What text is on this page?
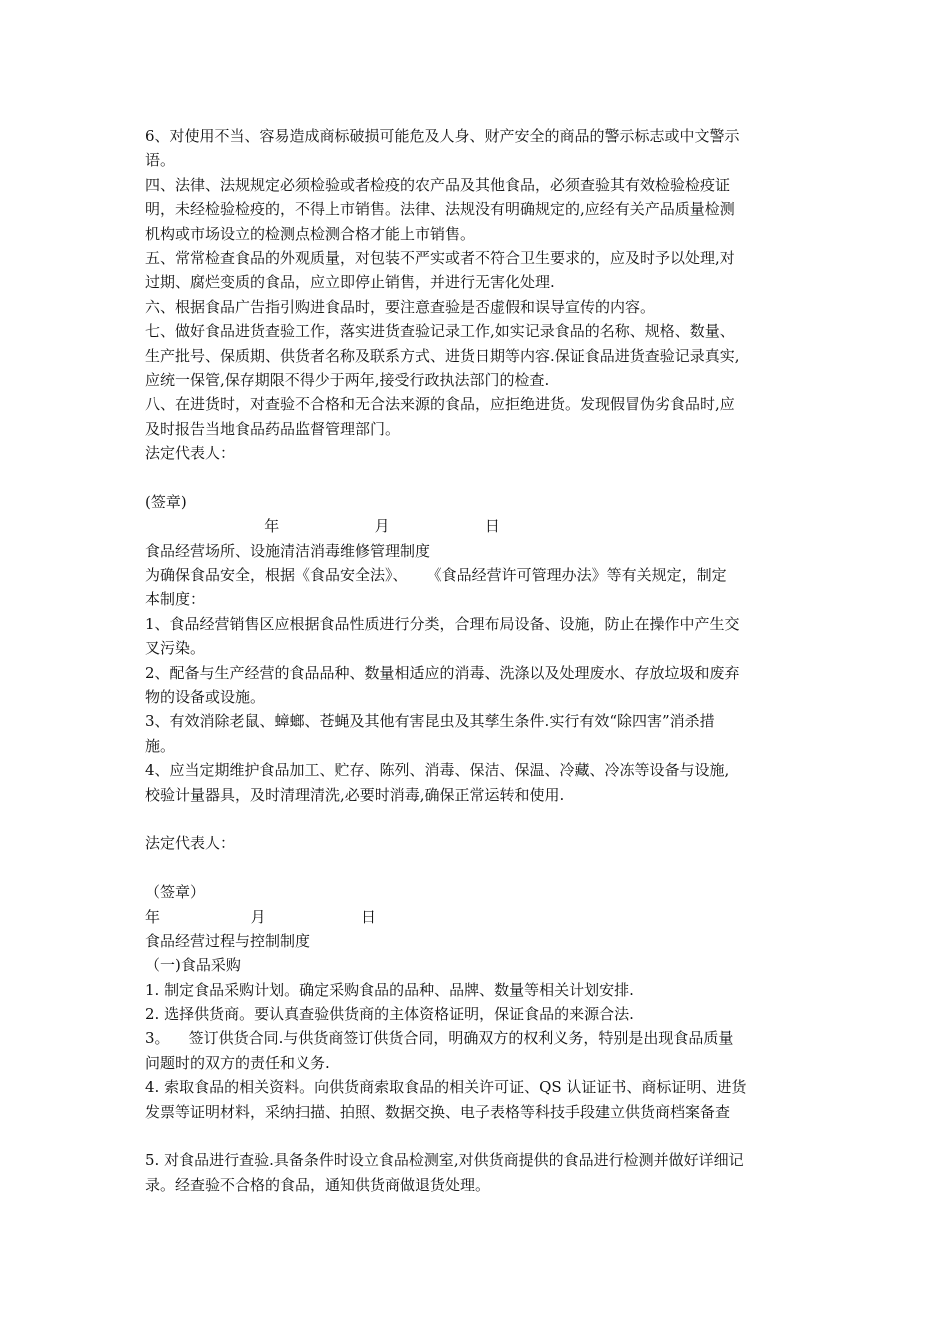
6、对使用不当、容易造成商标破损可能危及人身、财产安全的商品的警示标志或中文警示
语。
四、法律、法规规定必须检验或者检疫的农产品及其他食品，必须查验其有效检验检疫证
明，未经检验检疫的，不得上市销售。法律、法规没有明确规定的,应经有关产品质量检测
机构或市场设立的检测点检测合格才能上市销售。
五、常常检查食品的外观质量，对包装不严实或者不符合卫生要求的，应及时予以处理,对
过期、腐烂变质的食品，应立即停止销售，并进行无害化处理.
六、根据食品广告指引购进食品时，要注意查验是否虚假和误导宣传的内容。
七、做好食品进货查验工作，落实进货查验记录工作,如实记录食品的名称、规格、数量、
生产批号、保质期、供货者名称及联系方式、进货日期等内容.保证食品进货查验记录真实,
应统一保管,保存期限不得少于两年,接受行政执法部门的检查.
八、在进货时，对查验不合格和无合法来源的食品，应拒绝进货。发现假冒伪劣食品时,应
及时报告当地食品药品监督管理部门。
法定代表人：
(签章)
年                    月                    日
食品经营场所、设施清洁消毒维修管理制度
为确保食品安全，根据《食品安全法》、    《食品经营许可管理办法》等有关规定，制定
本制度：
1、食品经营销售区应根据食品性质进行分类，合理布局设备、设施，防止在操作中产生交
叉污染。
2、配备与生产经营的食品品种、数量相适应的消毒、洗涤以及处理废水、存放垃圾和废弃
物的设备或设施。
3、有效消除老鼠、蟑螂、苍蝇及其他有害昆虫及其孳生条件.实行有效“除四害”消杀措
施。
4、应当定期维护食品加工、贮存、陈列、消毒、保洁、保温、冷藏、冷冻等设备与设施,
校验计量器具，及时清理清洗,必要时消毒,确保正常运转和使用.
法定代表人：
（签章）
年                   月                    日
食品经营过程与控制制度
（一)食品采购
1. 制定食品采购计划。确定采购食品的品种、品牌、数量等相关计划安排.
2. 选择供货商。要认真查验供货商的主体资格证明，保证食品的来源合法.
3。    签订供货合同.与供货商签订供货合同，明确双方的权利义务，特别是出现食品质量
问题时的双方的责任和义务.
4. 索取食品的相关资料。向供货商索取食品的相关许可证、QS 认证证书、商标证明、进货
发票等证明材料，采纳扫描、拍照、数据交换、电子表格等科技手段建立供货商档案备查
5. 对食品进行查验.具备条件时设立食品检测室,对供货商提供的食品进行检测并做好详细记
录。经查验不合格的食品，通知供货商做退货处理。
